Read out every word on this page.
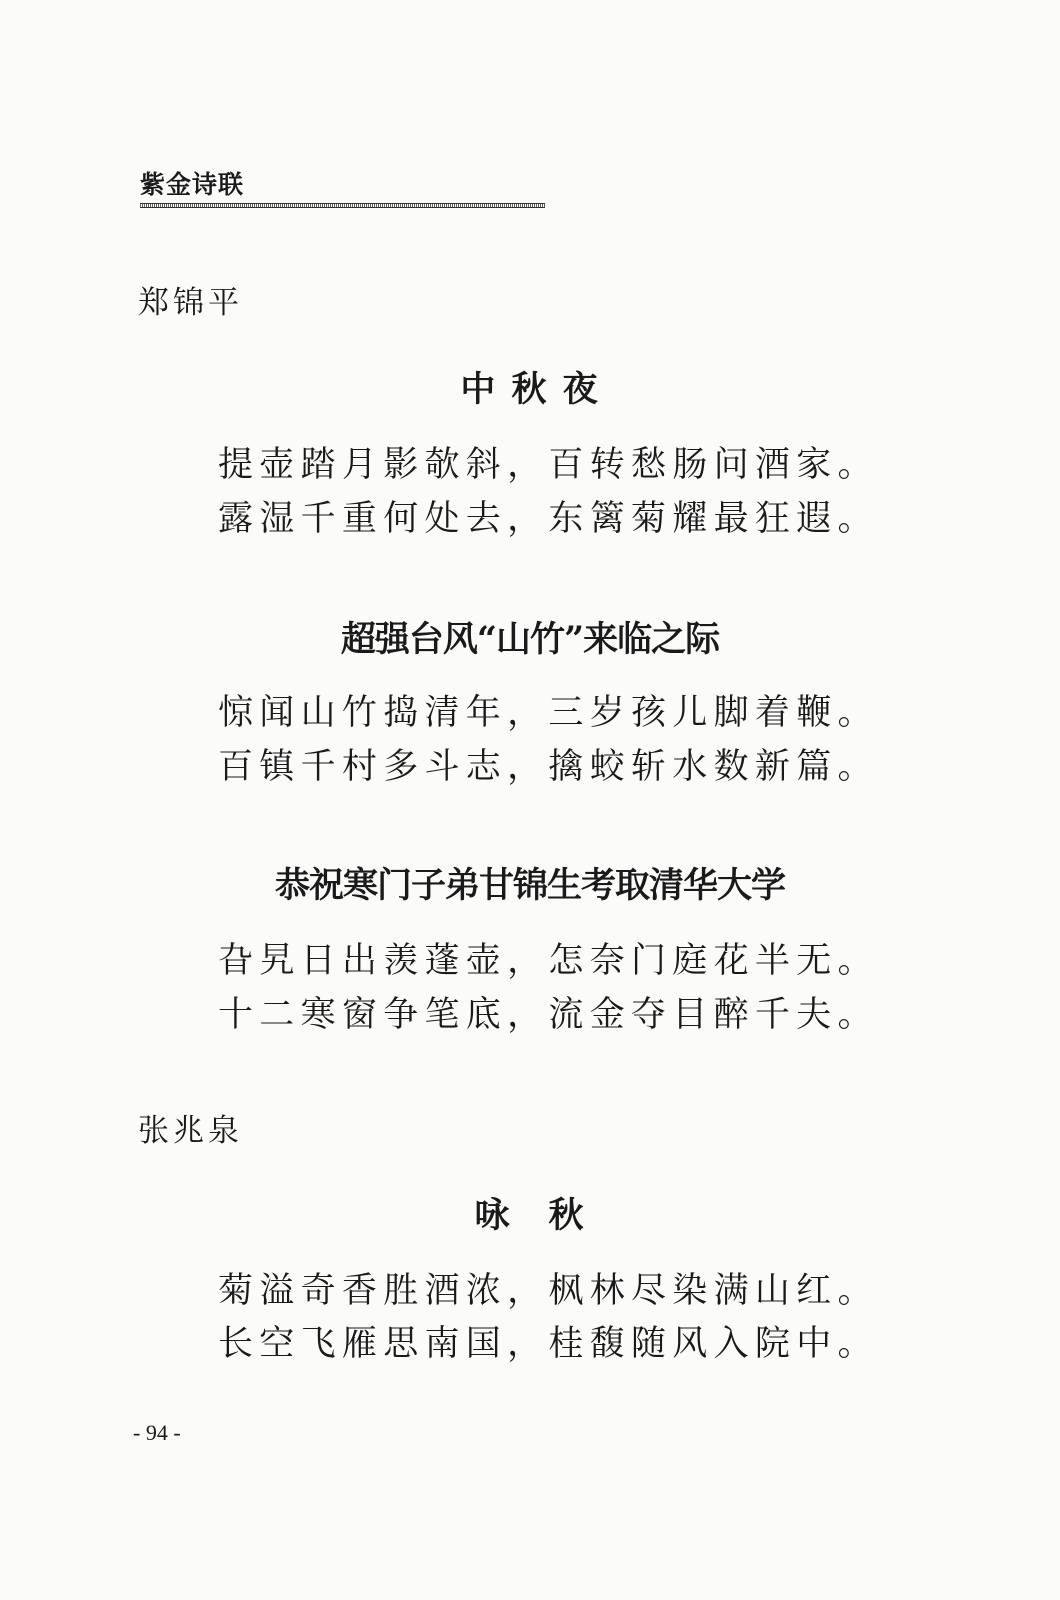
紫金诗联
郑锦平
中 秋 夜
提壶踏月影欹斜，百转愁肠问酒家。
露湿千重何处去，东篱菊耀最狂遐。
超强台风“山竹”来临之际
惊闻山竹捣清年，三岁孩儿脚着鞭。
百镇千村多斗志，擒蛟斩水数新篇。
恭祝寒门子弟甘锦生考取清华大学
旮旯日出羡蓬壶，怎奈门庭花半无。
十二寒窗争笔底，流金夺目醉千夫。
张兆泉
咏　秋
菊溢奇香胜酒浓，枫林尽染满山红。
长空飞雁思南国，桂馥随风入院中。
- 94 -
